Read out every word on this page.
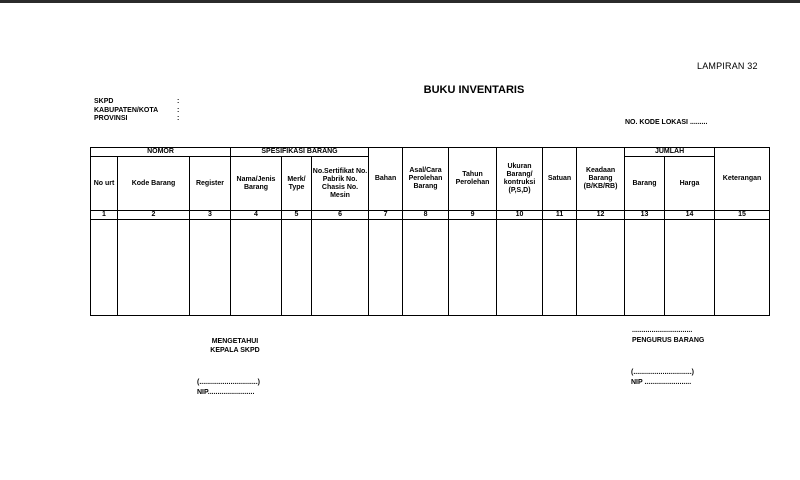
LAMPIRAN 32
BUKU INVENTARIS
SKPD	:
KABUPATEN/KOTA	:
PROVINSI	:
NO. KODE LOKASI .........
NOMOR			SPESIFIKASI BARANG			Bahan	Asal/Cara Perolehan Barang	Tahun Perolehan	Ukuran Barang/ kontruksi (P,S,D)	Satuan	Keadaan Barang (B/KB/RB)	JUMLAH		Keterangan
No urt	Kode Barang	Register	Nama/Jenis Barang	Merk/ Type	No.Sertifikat No. Pabrik No. Chasis No. Mesin							Barang	Harga	
1	2	3	4	5	6	7	8	9	10	11	12	13	14	15

MENGETAHUI
KEPALA SKPD
(..............................)
NIP........................
...............................
PENGURUS BARANG
(..............................)
NIP ........................
